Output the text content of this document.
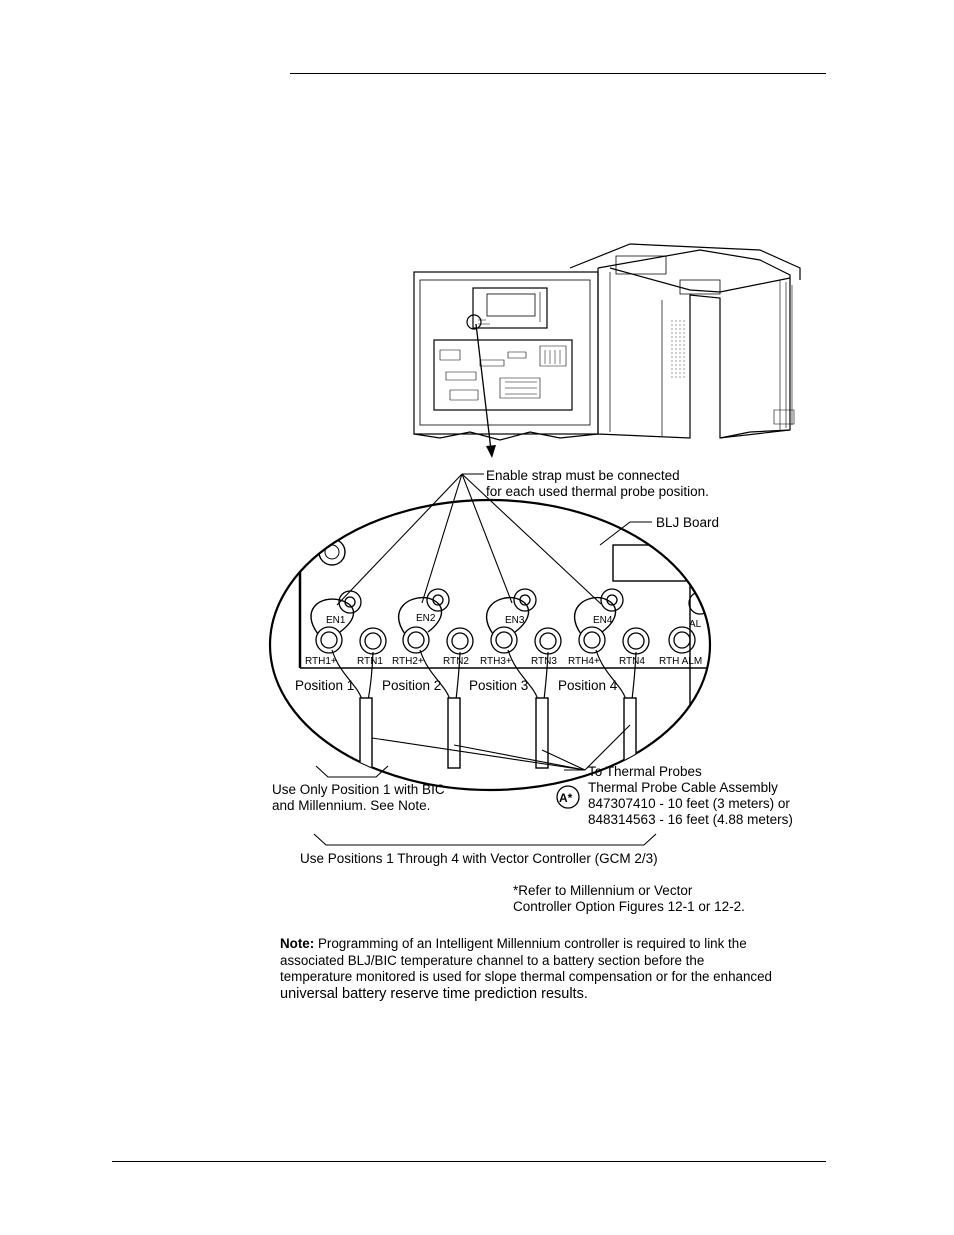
EN1	EN2	EN3	EN4	AL
RTH1+ RTN1 RTH2+ RTN2 RTH3+ RTN3 RTH4+ RTN4 RTH ALM
Position 1 Position 2 Position 3 Position 4
Enable strap must be connected
for each used thermal probe position.
BLJ Board
To Thermal Probes
Thermal Probe Cable Assembly
A* 847307410 - 10 feet (3 meters) or
848314563 - 16 feet (4.88 meters)
Use Only Position 1 with BIC
and Millennium. See Note.
Use Positions 1 Through 4 with Vector Controller (GCM 2/3)
*Refer to Millennium or Vector
Controller Option Figures 12-1 or 12-2.
Note: Programming of an Intelligent Millennium controller is required to link the
associated BLJ/BIC temperature channel to a battery section before the
temperature monitored is used for slope thermal compensation or for the enhanced
universal battery reserve time prediction results.
